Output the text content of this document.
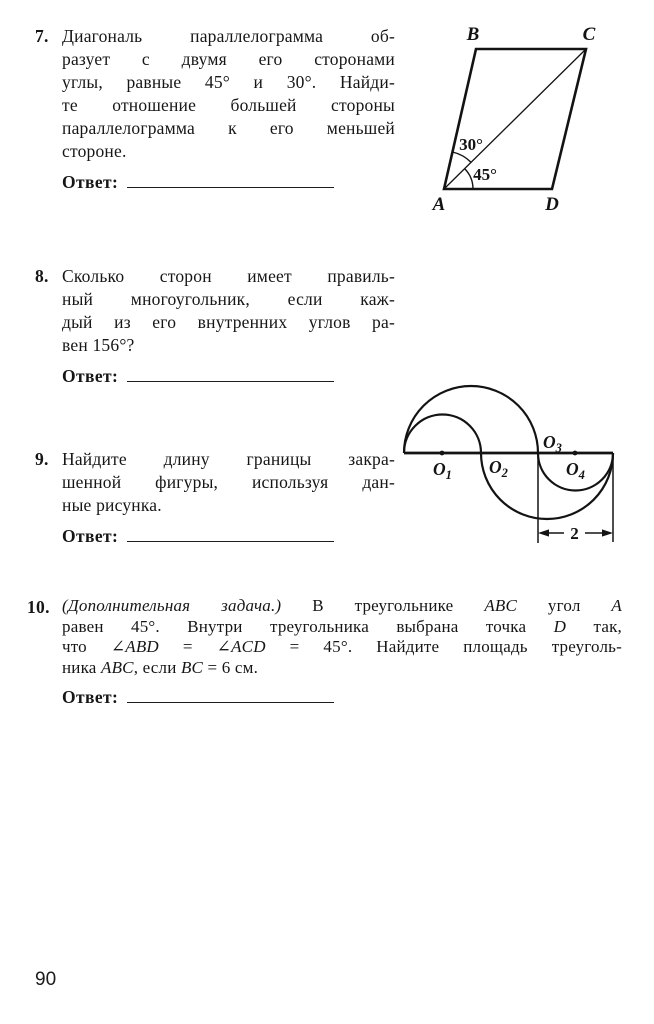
7. Диагональ параллелограмма об-
разует с двумя его сторонами
углы, равные 45° и 30°. Найди-
те отношение большей стороны
параллелограмма к его меньшей
стороне.
Ответ:
B	C
A	D
30°
45°
8. Сколько сторон имеет правиль-
ный многоугольник, если каж-
дый из его внутренних углов ра-
вен 156°?
Ответ:
9. Найдите длину границы закра-
шенной фигуры, используя дан-
ные рисунка.
Ответ:
$O_1$ $O_2$
$O_3$
$O_4$
2
10. (Дополнительная задача.) В треугольнике ABC угол A
равен 45°. Внутри треугольника выбрана точка D так,
что ∠ABD = ∠ACD = 45°. Найдите площадь треуголь-
ника ABC, если BC = 6 см.
Ответ:
90
